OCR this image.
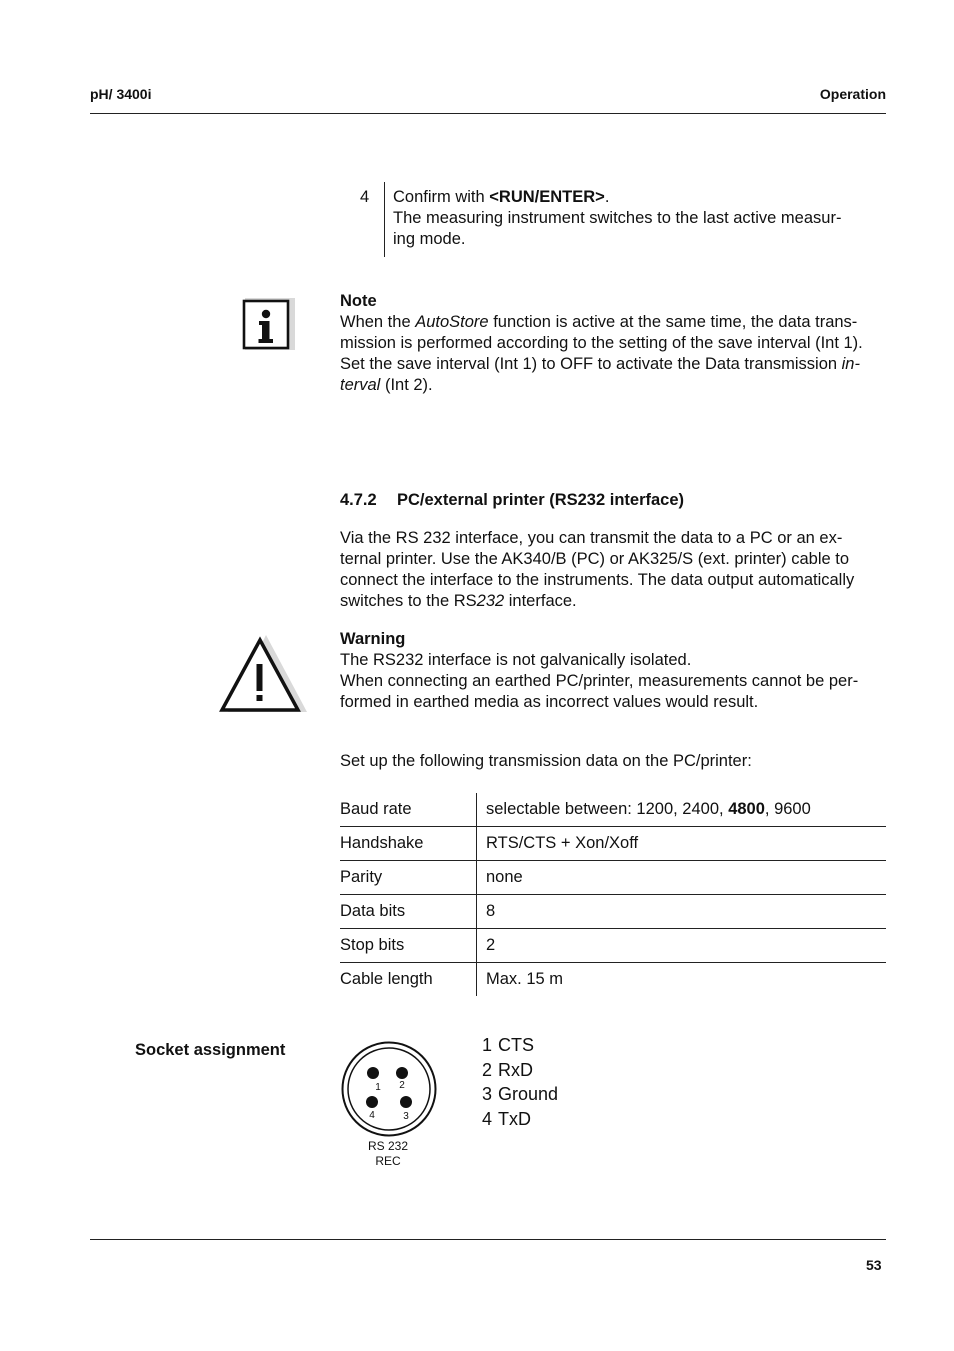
pH/ 3400i	Operation
4 Confirm with <RUN/ENTER>.
The measuring instrument switches to the last active measur-
ing mode.
Note
When the AutoStore function is active at the same time, the data trans-
mission is performed according to the setting of the save interval (Int 1).
Set the save interval (Int 1) to OFF to activate the Data transmission in-
terval (Int 2).
4.7.2 PC/external printer (RS232 interface)
Via the RS 232 interface, you can transmit the data to a PC or an ex-
ternal printer. Use the AK340/B (PC) or AK325/S (ext. printer) cable to
connect the interface to the instruments. The data output automatically
switches to the RS232 interface.
Warning
The RS232 interface is not galvanically isolated.
When connecting an earthed PC/printer, measurements cannot be per-
formed in earthed media as incorrect values would result.
Set up the following transmission data on the PC/printer:
Baud rate	selectable between: 1200, 2400, 4800, 9600
Handshake	RTS/CTS + Xon/Xoff
Parity	none
Data bits	8
Stop bits	2
Cable length	Max. 15 m
Socket assignment
1 2
4	3
RS 232
REC
1 CTS
2 RxD
3 Ground
4 TxD
53
